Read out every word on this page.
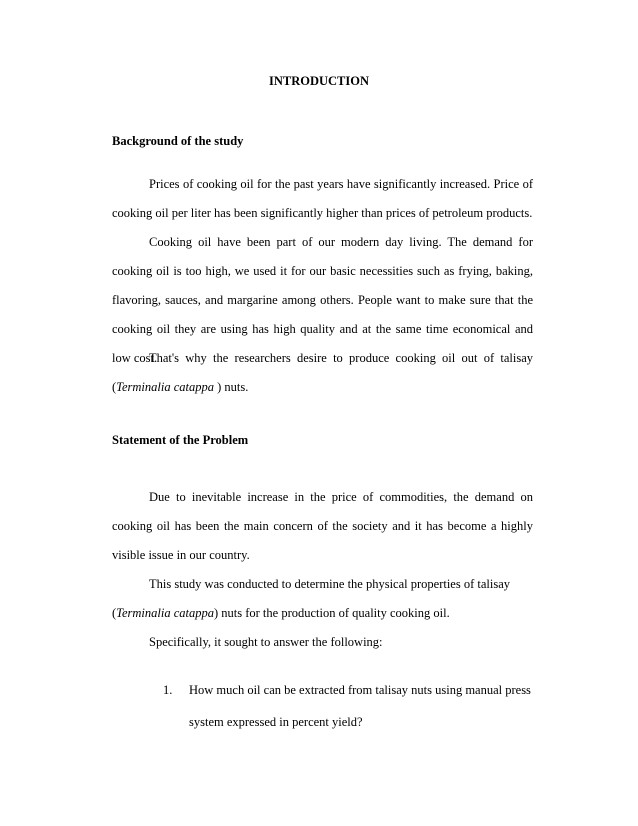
INTRODUCTION
Background of the study

Prices of cooking oil for the past years have significantly increased. Price of cooking oil per liter has been significantly higher than prices of petroleum products.

Cooking oil have been part of our modern day living. The demand for cooking oil is too high, we used it for our basic necessities such as frying, baking, flavoring, sauces, and margarine among others. People want to make sure that the cooking oil they are using has high quality and at the same time economical and low cost.

That's why the researchers desire to produce cooking oil out of talisay (Terminalia catappa ) nuts.

Statement of the Problem

Due to inevitable increase in the price of commodities, the demand on cooking oil has been the main concern of the society and it has become a highly visible issue in our country.

This study was conducted to determine the physical properties of talisay
(Terminalia catappa) nuts for the production of quality cooking oil.

Specifically, it sought to answer the following:

1. How much oil can be extracted from talisay nuts using manual press system expressed in percent yield?
